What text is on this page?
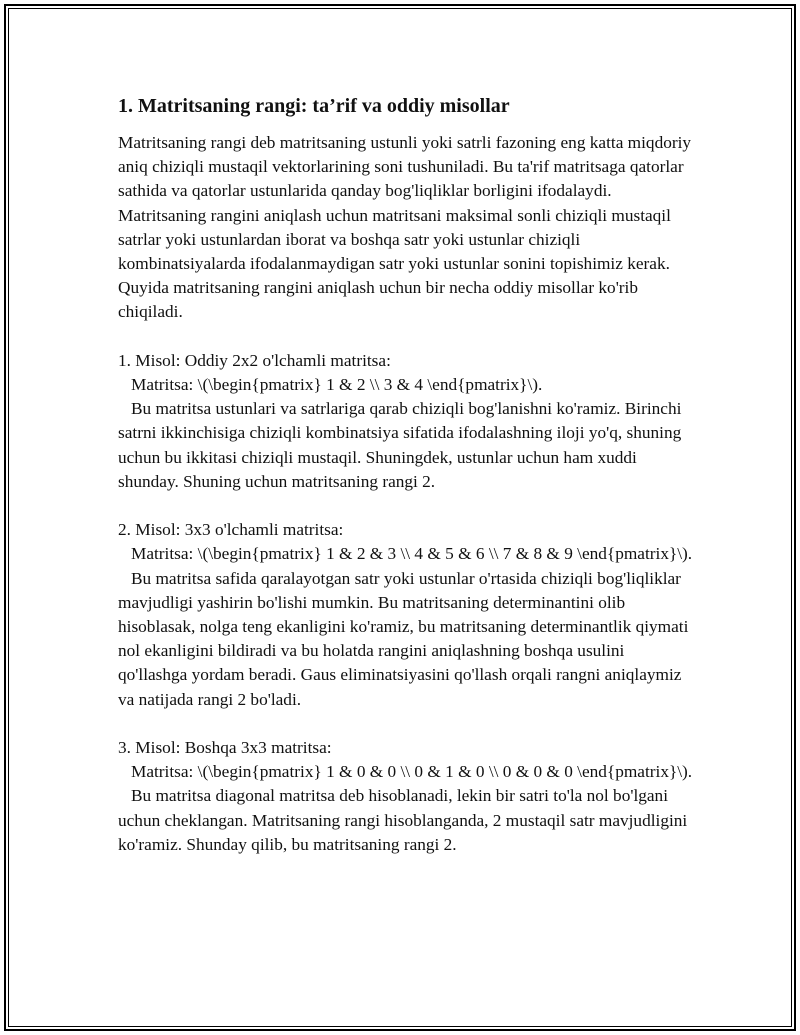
1. Matritsaning rangi: ta’rif va oddiy misollar

Matritsaning rangi deb matritsaning ustunli yoki satrli fazoning eng katta miqdoriy aniq chiziqli mustaqil vektorlarining soni tushuniladi. Bu ta'rif matritsaga qatorlar sathida va qatorlar ustunlarida qanday bog'liqliklar borligini ifodalaydi. Matritsaning rangini aniqlash uchun matritsani maksimal sonli chiziqli mustaqil satrlar yoki ustunlardan iborat va boshqa satr yoki ustunlar chiziqli kombinatsiyalarda ifodalanmaydigan satr yoki ustunlar sonini topishimiz kerak. Quyida matritsaning rangini aniqlash uchun bir necha oddiy misollar ko'rib chiqiladi.

1. Misol: Oddiy 2x2 o'lchamli matritsa:

Matritsa: \(\begin{pmatrix} 1 & 2 \\ 3 & 4 \end{pmatrix}\).

Bu matritsa ustunlari va satrlariga qarab chiziqli bog'lanishni ko'ramiz. Birinchi satrni ikkinchisiga chiziqli kombinatsiya sifatida ifodalashning iloji yo'q, shuning uchun bu ikkitasi chiziqli mustaqil. Shuningdek, ustunlar uchun ham xuddi shunday. Shuning uchun matritsaning rangi 2.

2. Misol: 3x3 o'lchamli matritsa:

Matritsa: \(\begin{pmatrix} 1 & 2 & 3 \\ 4 & 5 & 6 \\ 7 & 8 & 9 \end{pmatrix}\).

Bu matritsa safida qaralayotgan satr yoki ustunlar o'rtasida chiziqli bog'liqliklar mavjudligi yashirin bo'lishi mumkin. Bu matritsaning determinantini olib hisoblasak, nolga teng ekanligini ko'ramiz, bu matritsaning determinantlik qiymati nol ekanligini bildiradi va bu holatda rangini aniqlashning boshqa usulini qo'llashga yordam beradi. Gaus eliminatsiyasini qo'llash orqali rangni aniqlaymiz va natijada rangi 2 bo'ladi.

3. Misol: Boshqa 3x3 matritsa:

Matritsa: \(\begin{pmatrix} 1 & 0 & 0 \\ 0 & 1 & 0 \\ 0 & 0 & 0 \end{pmatrix}\).

Bu matritsa diagonal matritsa deb hisoblanadi, lekin bir satri to'la nol bo'lgani uchun cheklangan. Matritsaning rangi hisoblanganda, 2 mustaqil satr mavjudligini ko'ramiz. Shunday qilib, bu matritsaning rangi 2.
